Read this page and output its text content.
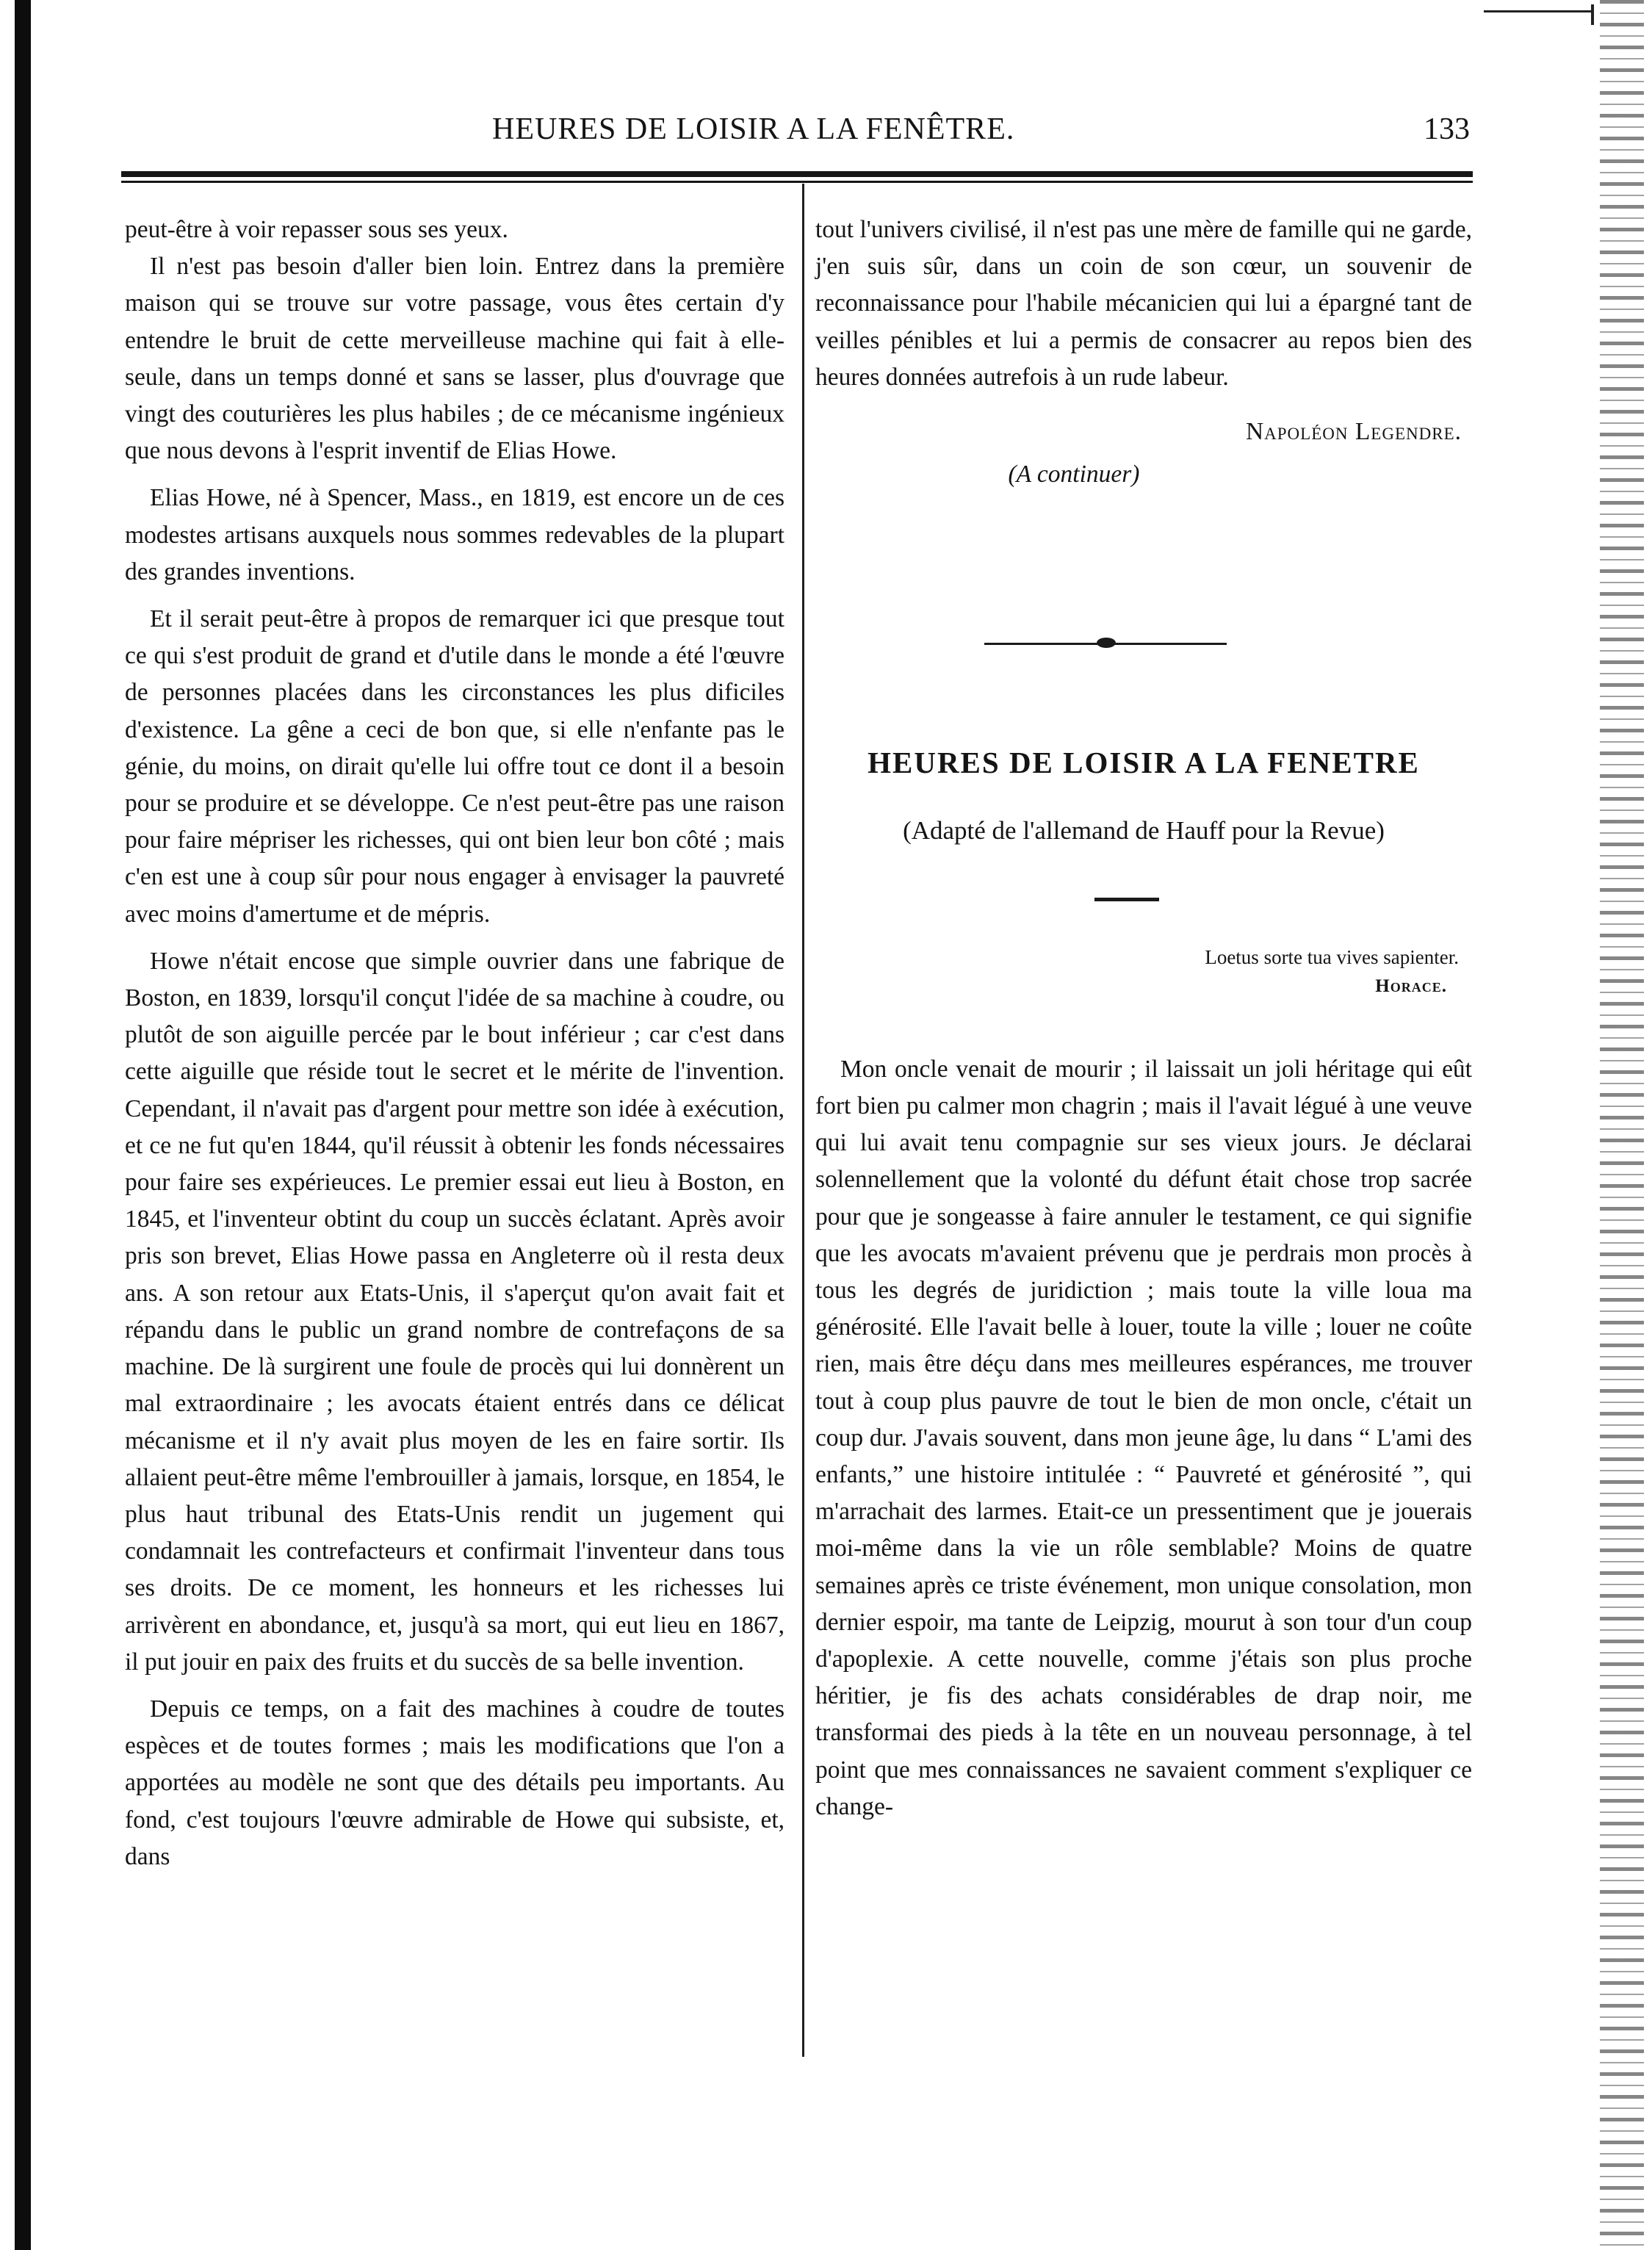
HEURES DE LOISIR A LA FENÊTRE.	133

peut-être à voir repasser sous ses yeux.

Il n'est pas besoin d'aller bien loin. Entrez dans la première maison qui se trouve sur votre passage, vous êtes certain d'y entendre le bruit de cette merveilleuse machine qui fait à elle-seule, dans un temps donné et sans se lasser, plus d'ouvrage que vingt des couturières les plus habiles ; de ce mécanisme ingénieux que nous devons à l'esprit inventif de Elias Howe.

Elias Howe, né à Spencer, Mass., en 1819, est encore un de ces modestes artisans auxquels nous sommes redevables de la plupart des grandes inventions.

Et il serait peut-être à propos de remarquer ici que presque tout ce qui s'est produit de grand et d'utile dans le monde a été l'œuvre de personnes placées dans les circonstances les plus dificiles d'existence. La gêne a ceci de bon que, si elle n'enfante pas le génie, du moins, on dirait qu'elle lui offre tout ce dont il a besoin pour se produire et se développe. Ce n'est peut-être pas une raison pour faire mépriser les richesses, qui ont bien leur bon côté ; mais c'en est une à coup sûr pour nous engager à envisager la pauvreté avec moins d'amertume et de mépris.

Howe n'était encose que simple ouvrier dans une fabrique de Boston, en 1839, lorsqu'il conçut l'idée de sa machine à coudre, ou plutôt de son aiguille percée par le bout inférieur ; car c'est dans cette aiguille que réside tout le secret et le mérite de l'invention. Cependant, il n'avait pas d'argent pour mettre son idée à exécution, et ce ne fut qu'en 1844, qu'il réussit à obtenir les fonds nécessaires pour faire ses expérieuces. Le premier essai eut lieu à Boston, en 1845, et l'inventeur obtint du coup un succès éclatant. Après avoir pris son brevet, Elias Howe passa en Angleterre où il resta deux ans. A son retour aux Etats-Unis, il s'aperçut qu'on avait fait et répandu dans le public un grand nombre de contrefaçons de sa machine. De là surgirent une foule de procès qui lui donnèrent un mal extraordinaire ; les avocats étaient entrés dans ce délicat mécanisme et il n'y avait plus moyen de les en faire sortir. Ils allaient peut-être même l'embrouiller à jamais, lorsque, en 1854, le plus haut tribunal des Etats-Unis rendit un jugement qui condamnait les contrefacteurs et confirmait l'inventeur dans tous ses droits. De ce moment, les honneurs et les richesses lui arrivèrent en abondance, et, jusqu'à sa mort, qui eut lieu en 1867, il put jouir en paix des fruits et du succès de sa belle invention.

Depuis ce temps, on a fait des machines à coudre de toutes espèces et de toutes formes ; mais les modifications que l'on a apportées au modèle ne sont que des détails peu importants. Au fond, c'est toujours l'œuvre admirable de Howe qui subsiste, et, dans

tout l'univers civilisé, il n'est pas une mère de famille qui ne garde, j'en suis sûr, dans un coin de son cœur, un souvenir de reconnaissance pour l'habile mécanicien qui lui a épargné tant de veilles pénibles et lui a permis de consacrer au repos bien des heures données autrefois à un rude labeur.

Napoléon Legendre.

(A continuer)

HEURES DE LOISIR A LA FENETRE

(Adapté de l'allemand de Hauff pour la Revue)

Loetus sorte tua vives sapienter.

Horace.

Mon oncle venait de mourir ; il laissait un joli héritage qui eût fort bien pu calmer mon chagrin ; mais il l'avait légué à une veuve qui lui avait tenu compagnie sur ses vieux jours. Je déclarai solennellement que la volonté du défunt était chose trop sacrée pour que je songeasse à faire annuler le testament, ce qui signifie que les avocats m'avaient prévenu que je perdrais mon procès à tous les degrés de juridiction ; mais toute la ville loua ma générosité. Elle l'avait belle à louer, toute la ville ; louer ne coûte rien, mais être déçu dans mes meilleures espérances, me trouver tout à coup plus pauvre de tout le bien de mon oncle, c'était un coup dur. J'avais souvent, dans mon jeune âge, lu dans “ L'ami des enfants,” une histoire intitulée : “ Pauvreté et générosité ”, qui m'arrachait des larmes. Etait-ce un pressentiment que je jouerais moi-même dans la vie un rôle semblable? Moins de quatre semaines après ce triste événement, mon unique consolation, mon dernier espoir, ma tante de Leipzig, mourut à son tour d'un coup d'apoplexie. A cette nouvelle, comme j'étais son plus proche héritier, je fis des achats considérables de drap noir, me transformai des pieds à la tête en un nouveau personnage, à tel point que mes connaissances ne savaient comment s'expliquer ce change-
